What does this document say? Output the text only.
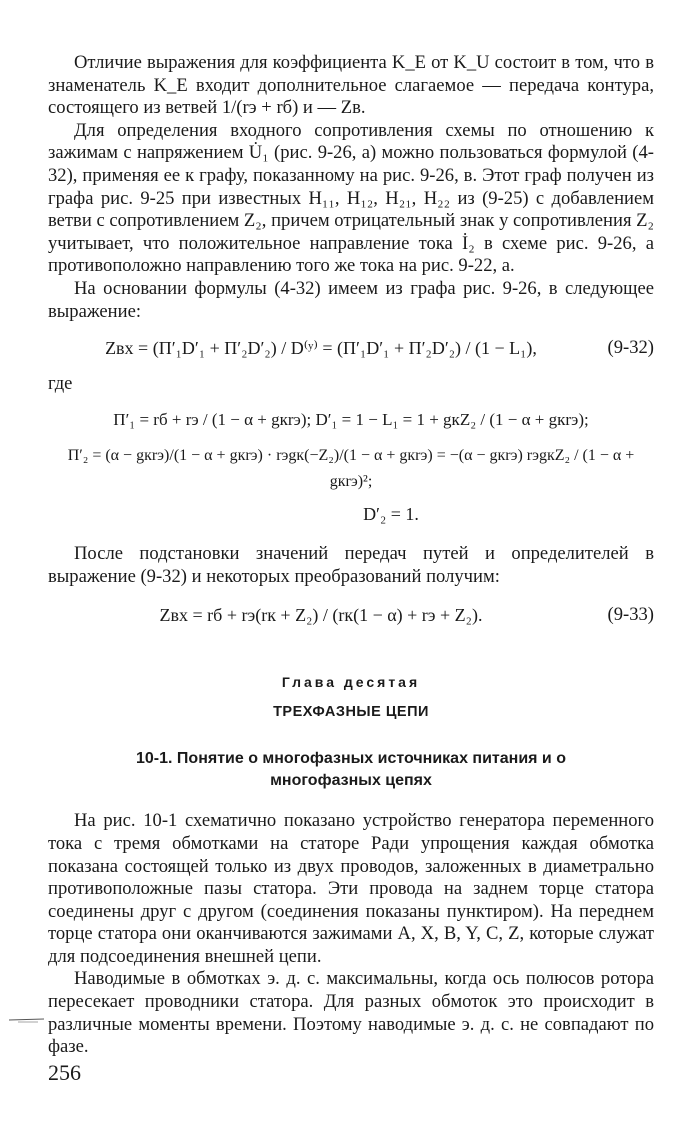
Отличие выражения для коэффициента K_E от K_U состоит в том, что в знаменатель K_E входит дополнительное слагаемое — передача контура, состоящего из ветвей 1/(rэ + rб) и — Zв.

Для определения входного сопротивления схемы по отношению к зажимам с напряжением U̇₁ (рис. 9-26, а) можно пользоваться формулой (4-32), применяя ее к графу, показанному на рис. 9-26, в. Этот граф получен из графа рис. 9-25 при известных H₁₁, H₁₂, H₂₁, H₂₂ из (9-25) с добавлением ветви с сопротивлением Z₂, причем отрицательный знак у сопротивления Z₂ учитывает, что положительное направление тока İ₂ в схеме рис. 9-26, а противоположно направлению того же тока на рис. 9-22, а.

На основании формулы (4-32) имеем из графа рис. 9-26, в следующее выражение:

Zвх = (П′₁D′₁ + П′₂D′₂) / D⁽ʸ⁾ = (П′₁D′₁ + П′₂D′₂) / (1 − L₁),	(9-32)

где

П′₁ = rб + rэ / (1 − α + gкrэ); D′₁ = 1 − L₁ = 1 + gкZ₂ / (1 − α + gкrэ);
П′₂ = (α − gкrэ)/(1 − α + gкrэ) · rэgк(−Z₂)/(1 − α + gкrэ) = −(α − gкrэ) rэgкZ₂ / (1 − α + gкrэ)²;
D′₂ = 1.

После подстановки значений передач путей и определителей в выражение (9-32) и некоторых преобразований получим:

Zвх = rб + rэ(rк + Z₂) / (rк(1 − α) + rэ + Z₂).	(9-33)

Глава десятая

ТРЕХФАЗНЫЕ ЦЕПИ

10-1. Понятие о многофазных источниках питания и о многофазных цепях

На рис. 10-1 схематично показано устройство генератора переменного тока с тремя обмотками на статоре Ради упрощения каждая обмотка показана состоящей только из двух проводов, заложенных в диаметрально противоположные пазы статора. Эти провода на заднем торце статора соединены друг с другом (соединения показаны пунктиром). На переднем торце статора они оканчиваются зажимами A, X, B, Y, C, Z, которые служат для подсоединения внешней цепи.

Наводимые в обмотках э. д. с. максимальны, когда ось полюсов ротора пересекает проводники статора. Для разных обмоток это происходит в различные моменты времени. Поэтому наводимые э. д. с. не совпадают по фазе.

256
